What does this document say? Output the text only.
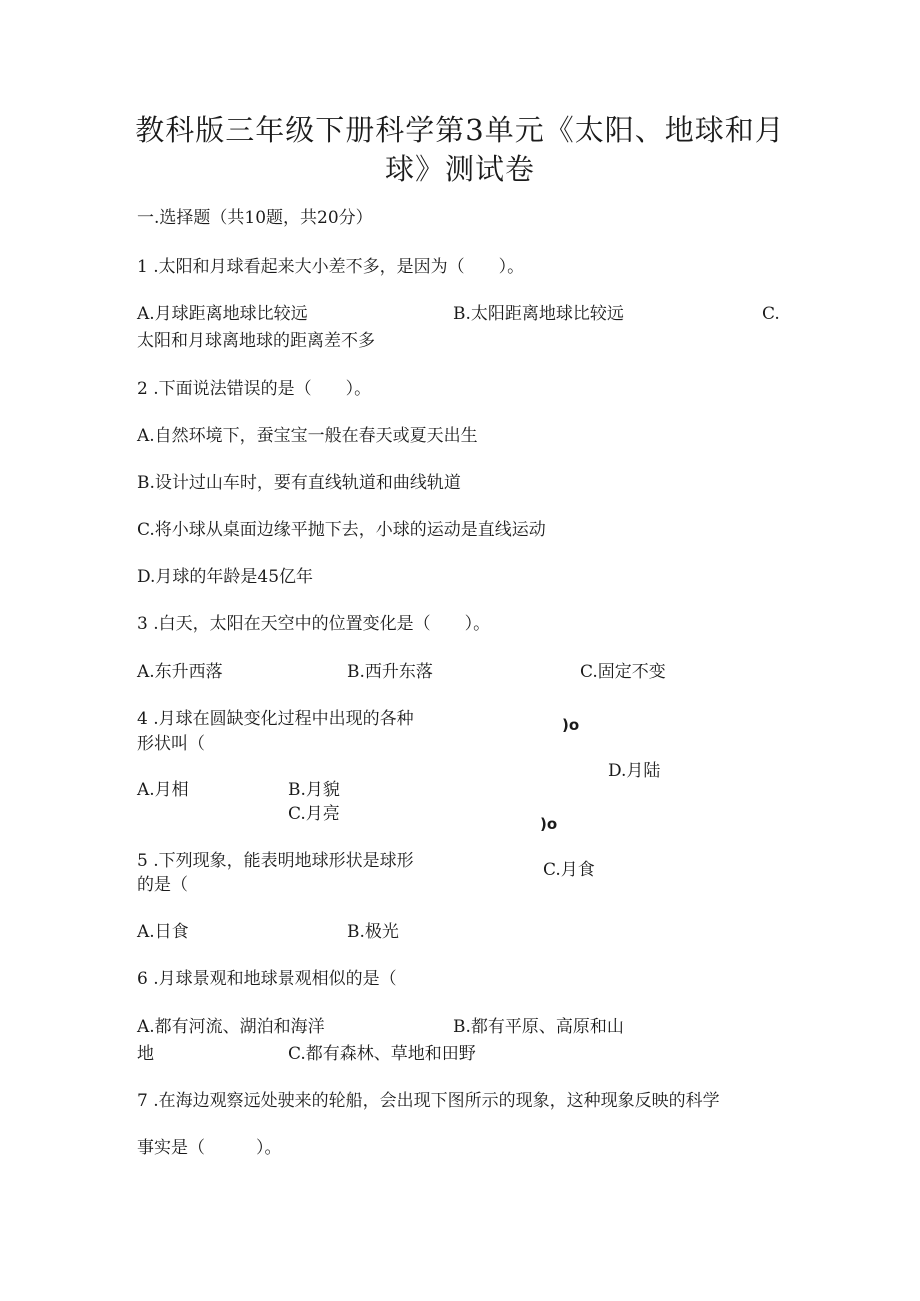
教科版三年级下册科学第3单元《太阳、地球和月
球》测试卷
一.选择题（共10题，共20分）
1 .太阳和月球看起来大小差不多，是因为（　　）。
A.月球距离地球比较远	B.太阳距离地球比较远	C.
太阳和月球离地球的距离差不多
2 .下面说法错误的是（　　）。
A.自然环境下，蚕宝宝一般在春天或夏天出生
B.设计过山车时，要有直线轨道和曲线轨道
C.将小球从桌面边缘平抛下去，小球的运动是直线运动
D.月球的年龄是45亿年
3 .白天，太阳在天空中的位置变化是（　　）。
A.东升西落	B.西升东落	C.固定不变
4 .月球在圆缺变化过程中出现的各种	)o
形状叫（
D.月陆
A.月相	B.月貌
C.月亮	)o
5 .下列现象，能表明地球形状是球形	C.月食
的是（
A.日食	B.极光
6 .月球景观和地球景观相似的是（
A.都有河流、湖泊和海洋	B.都有平原、高原和山
地	C.都有森林、草地和田野
7 .在海边观察远处驶来的轮船，会出现下图所示的现象，这种现象反映的科学
事实是（　　　）。
